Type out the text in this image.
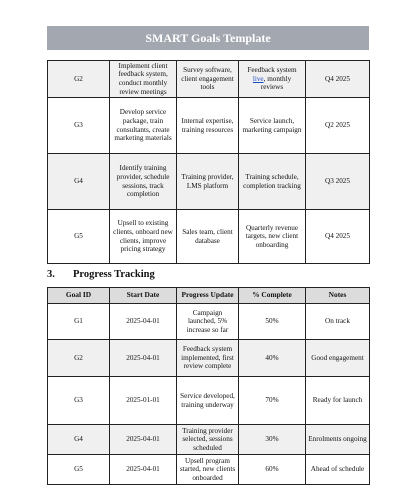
SMART Goals Template
G2	Implement client feedback system, conduct monthly review meetings	Survey software, client engagement tools	Feedback system live, monthly reviews	Q4 2025
G3	Develop service package, train consultants, create marketing materials	Internal expertise, training resources	Service launch, marketing campaign	Q2 2025
G4	Identify training provider, schedule sessions, track completion	Training provider, LMS platform	Training schedule, completion tracking	Q3 2025
G5	Upsell to existing clients, onboard new clients, improve pricing strategy	Sales team, client database	Quarterly revenue targets, new client onboarding	Q4 2025
3.	Progress Tracking
Goal ID	Start Date	Progress Update	% Complete	Notes
G1	2025-04-01	Campaign launched, 5% increase so far	50%	On track
G2	2025-04-01	Feedback system implemented, first review complete	40%	Good engagement
G3	2025-01-01	Service developed, training underway	70%	Ready for launch
G4	2025-04-01	Training provider selected, sessions scheduled	30%	Enrolments ongoing
G5	2025-04-01	Upsell program started, new clients onboarded	60%	Ahead of schedule
